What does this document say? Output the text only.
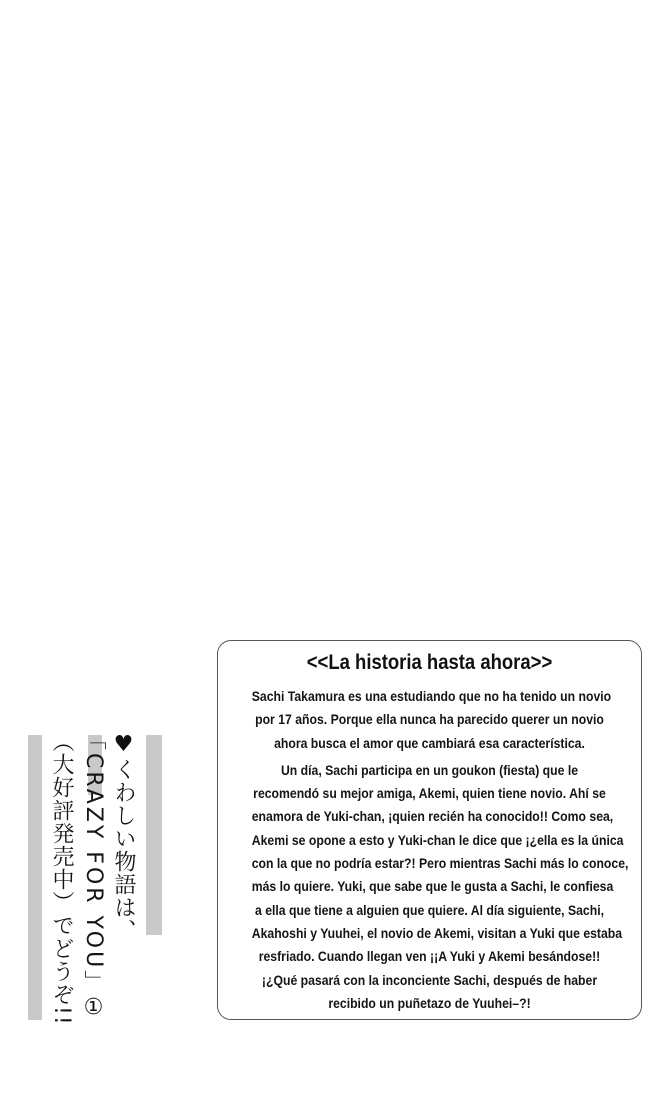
♥くわしい物語は、
「CRAZY FOR YOU」①
（大好評発売中）でどうぞ!!
<<La historia hasta ahora>>

Sachi Takamura es una estudiando que no ha tenido un novio
por 17 años. Porque ella nunca ha parecido querer un novio
ahora busca el amor que cambiará esa característica.

Un día, Sachi participa en un goukon (fiesta) que le
recomendó su mejor amiga, Akemi, quien tiene novio. Ahí se
enamora de Yuki-chan, ¡quien recién ha conocido!! Como sea,
Akemi se opone a esto y Yuki-chan le dice que ¡¿ella es la única
con la que no podría estar?! Pero mientras Sachi más lo conoce,
más lo quiere. Yuki, que sabe que le gusta a Sachi, le confiesa
a ella que tiene a alguien que quiere. Al día siguiente, Sachi,
Akahoshi y Yuuhei, el novio de Akemi, visitan a Yuki que estaba
resfriado. Cuando llegan ven ¡¡A Yuki y Akemi besándose!!
¡¿Qué pasará con la inconciente Sachi, después de haber
recibido un puñetazo de Yuuhei–?!
